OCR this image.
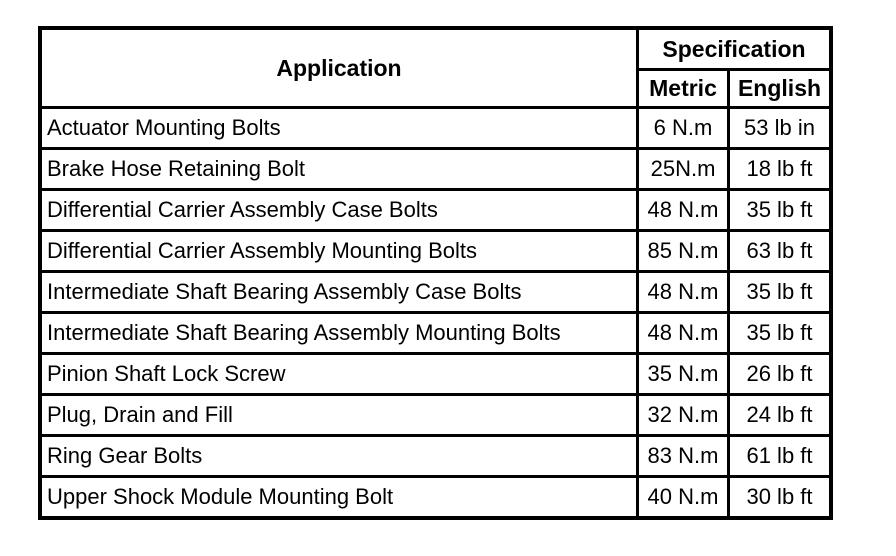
Application	Specification	
	Metric	English
Actuator Mounting Bolts	6 N.m	53 lb in
Brake Hose Retaining Bolt	25N.m	18 lb ft
Differential Carrier Assembly Case Bolts	48 N.m	35 lb ft
Differential Carrier Assembly Mounting Bolts	85 N.m	63 lb ft
Intermediate Shaft Bearing Assembly Case Bolts	48 N.m	35 lb ft
Intermediate Shaft Bearing Assembly Mounting Bolts	48 N.m	35 lb ft
Pinion Shaft Lock Screw	35 N.m	26 lb ft
Plug, Drain and Fill	32 N.m	24 lb ft
Ring Gear Bolts	83 N.m	61 lb ft
Upper Shock Module Mounting Bolt	40 N.m	30 lb ft
